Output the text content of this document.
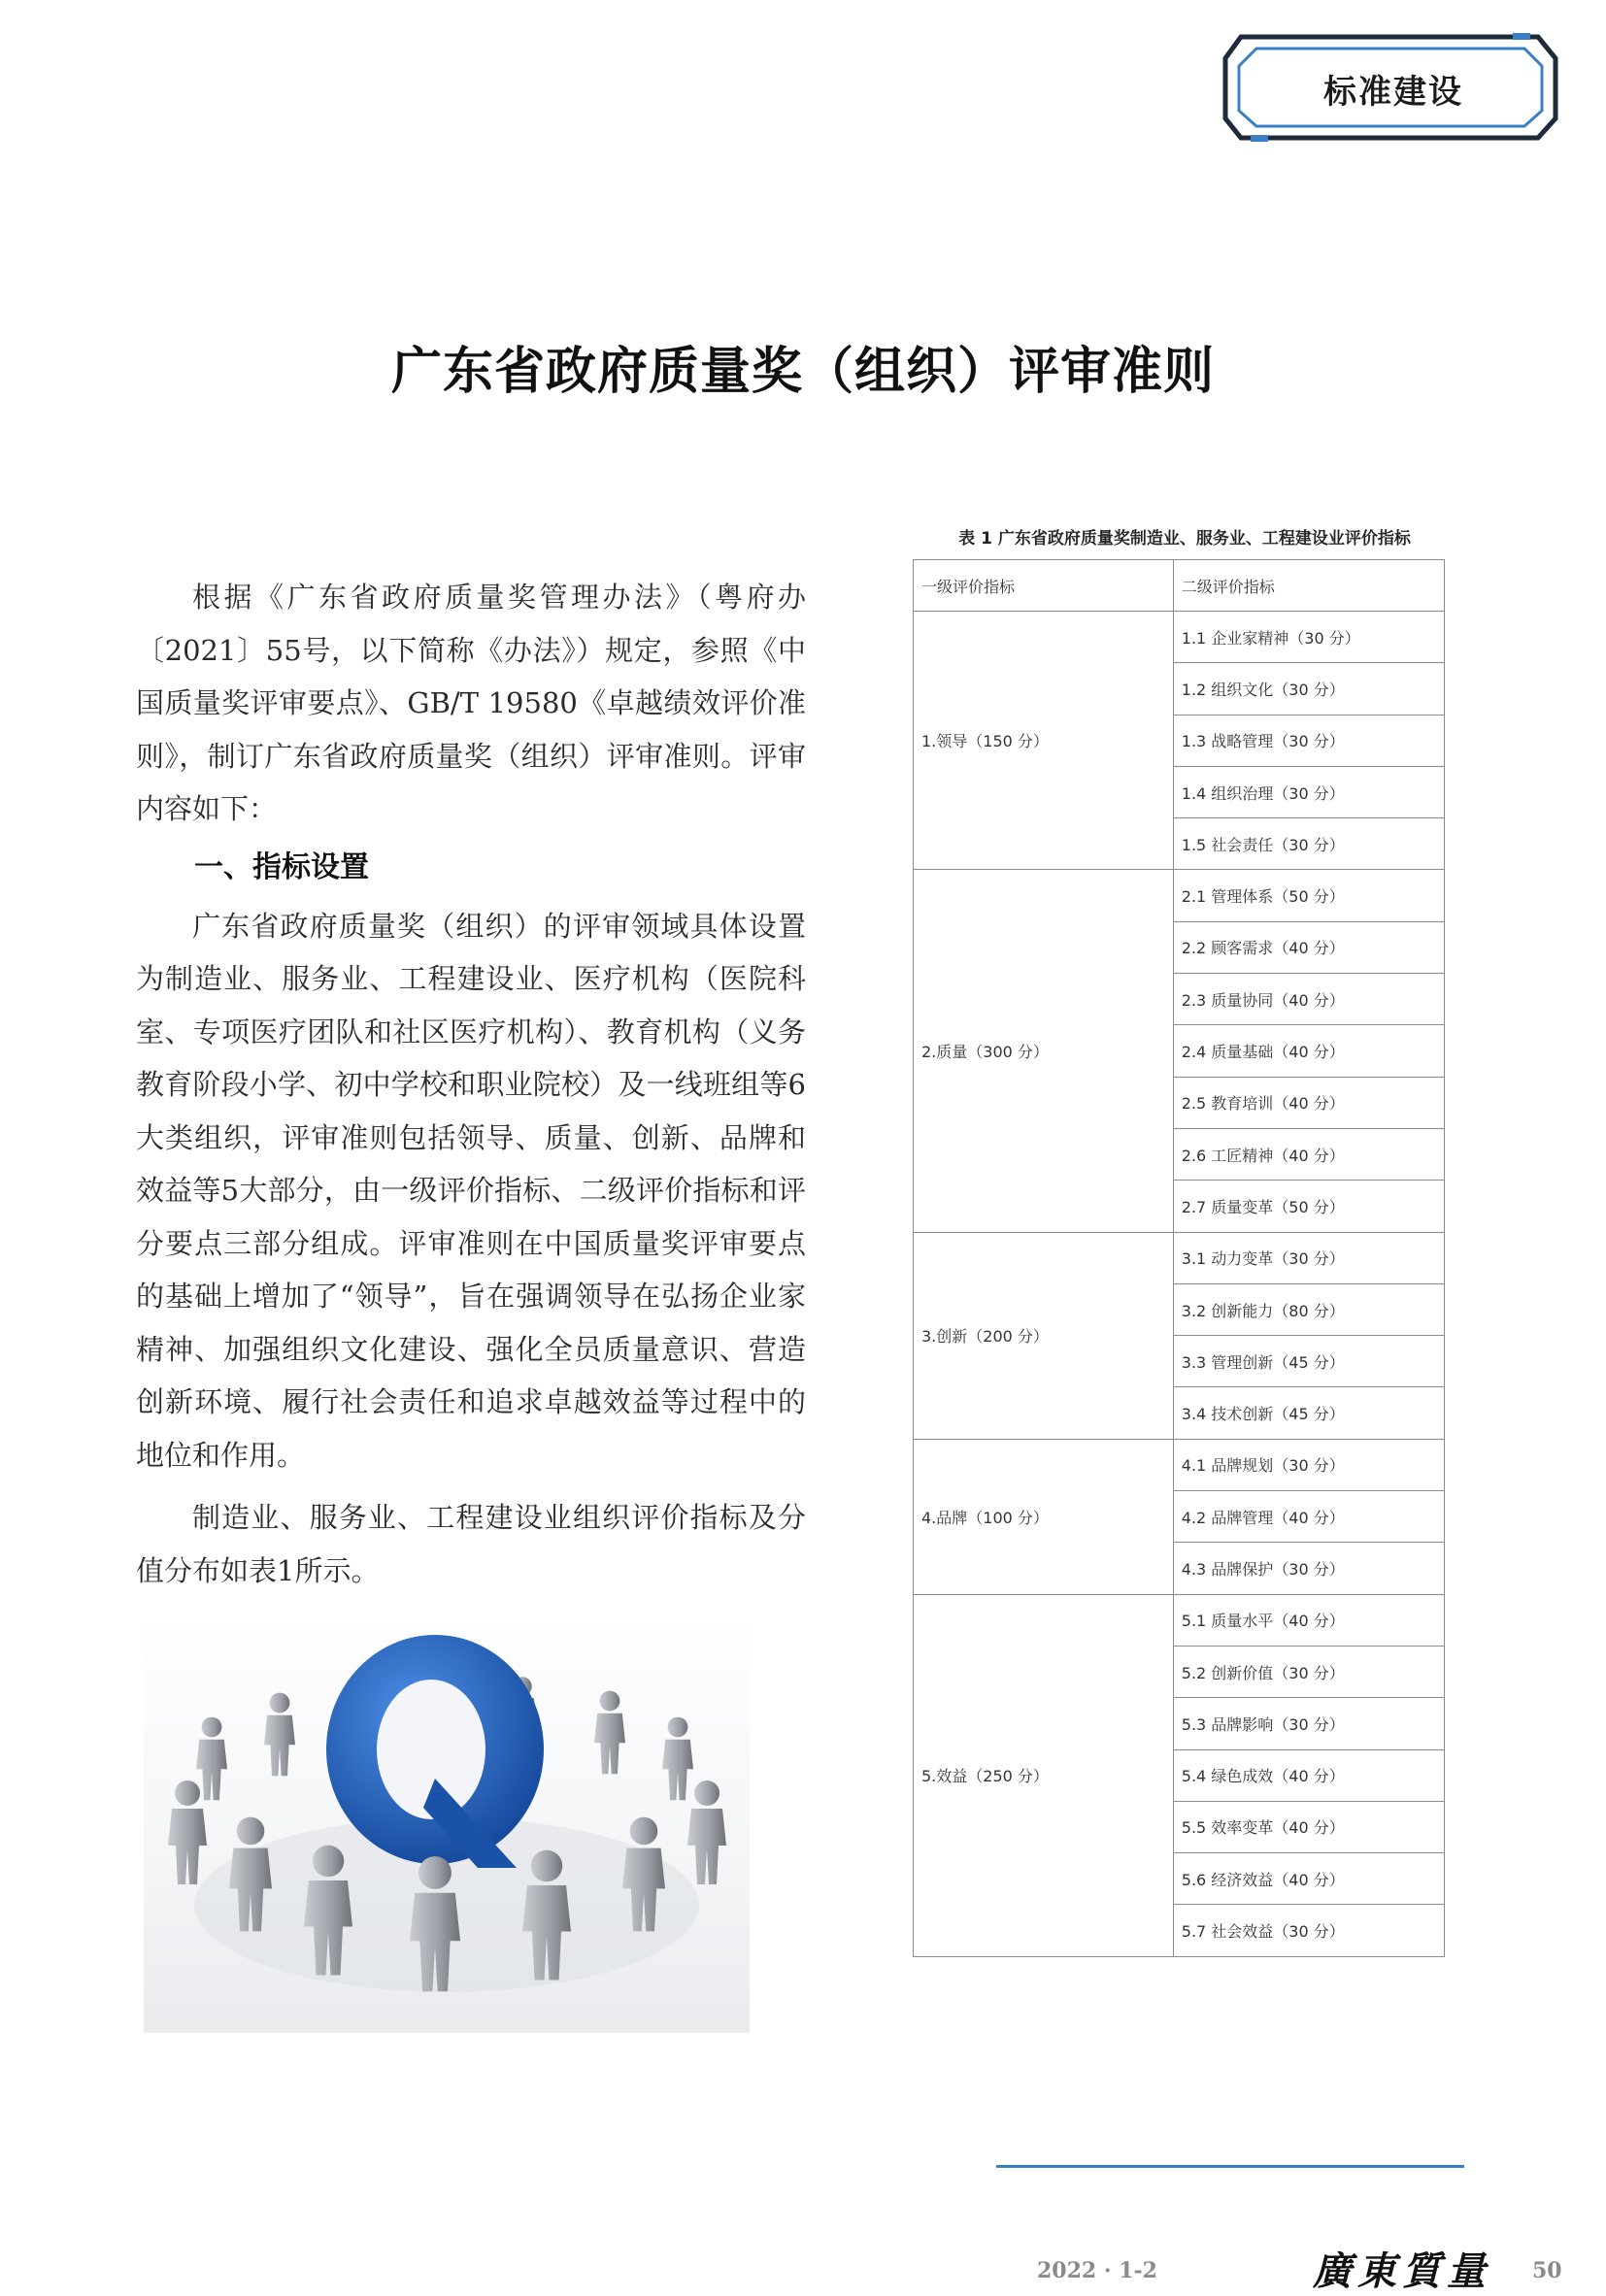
标准建设
广东省政府质量奖（组织）评审准则

根据《广东省政府质量奖管理办法》（粤府办〔2021〕55号，以下简称《办法》）规定，参照《中国质量奖评审要点》、GB/T 19580《卓越绩效评价准则》，制订广东省政府质量奖（组织）评审准则。评审内容如下：

一、指标设置

广东省政府质量奖（组织）的评审领域具体设置为制造业、服务业、工程建设业、医疗机构（医院科室、专项医疗团队和社区医疗机构）、教育机构（义务教育阶段小学、初中学校和职业院校）及一线班组等6大类组织，评审准则包括领导、质量、创新、品牌和效益等5大部分，由一级评价指标、二级评价指标和评分要点三部分组成。评审准则在中国质量奖评审要点的基础上增加了“领导”，旨在强调领导在弘扬企业家精神、加强组织文化建设、强化全员质量意识、营造创新环境、履行社会责任和追求卓越效益等过程中的地位和作用。

制造业、服务业、工程建设业组织评价指标及分值分布如表1所示。

表 1 广东省政府质量奖制造业、服务业、工程建设业评价指标
一级评价指标	二级评价指标
1.领导（150 分）	1.1 企业家精神（30 分）
	1.2 组织文化（30 分）
	1.3 战略管理（30 分）
	1.4 组织治理（30 分）
	1.5 社会责任（30 分）
2.质量（300 分）	2.1 管理体系（50 分）
	2.2 顾客需求（40 分）
	2.3 质量协同（40 分）
	2.4 质量基础（40 分）
	2.5 教育培训（40 分）
	2.6 工匠精神（40 分）
	2.7 质量变革（50 分）
3.创新（200 分）	3.1 动力变革（30 分）
	3.2 创新能力（80 分）
	3.3 管理创新（45 分）
	3.4 技术创新（45 分）
4.品牌（100 分）	4.1 品牌规划（30 分）
	4.2 品牌管理（40 分）
	4.3 品牌保护（30 分）
5.效益（250 分）	5.1 质量水平（40 分）
	5.2 创新价值（30 分）
	5.3 品牌影响（30 分）
	5.4 绿色成效（40 分）
	5.5 效率变革（40 分）
	5.6 经济效益（40 分）
	5.7 社会效益（30 分）
2022 · 1-2	廣東質量 50
